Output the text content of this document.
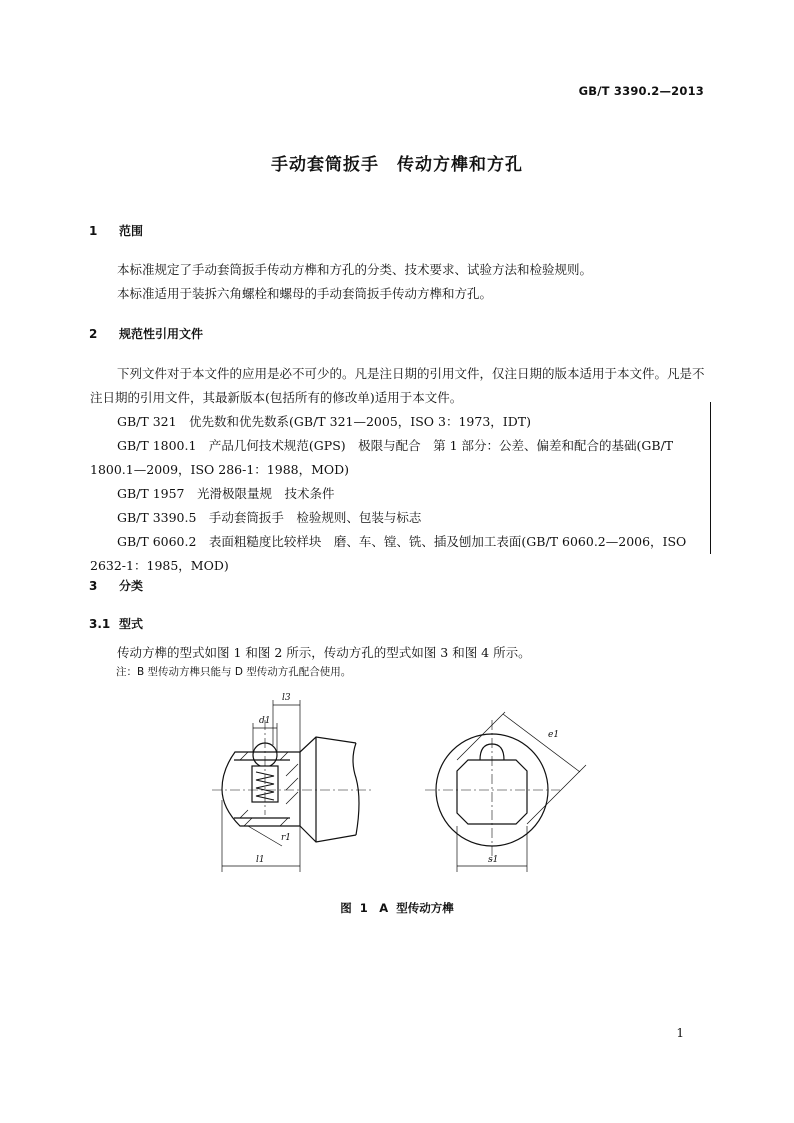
GB/T 3390.2—2013
手动套筒扳手　传动方榫和方孔
1 范围

本标准规定了手动套筒扳手传动方榫和方孔的分类、技术要求、试验方法和检验规则。

本标准适用于装拆六角螺栓和螺母的手动套筒扳手传动方榫和方孔。

2 规范性引用文件

下列文件对于本文件的应用是必不可少的。凡是注日期的引用文件，仅注日期的版本适用于本文件。凡是不注日期的引用文件，其最新版本(包括所有的修改单)适用于本文件。

GB/T 321　优先数和优先数系(GB/T 321—2005，ISO 3：1973，IDT)

GB/T 1800.1　产品几何技术规范(GPS)　极限与配合　第 1 部分：公差、偏差和配合的基础(GB/T 1800.1—2009，ISO 286-1：1988，MOD)

GB/T 1957　光滑极限量规　技术条件

GB/T 3390.5　手动套筒扳手　检验规则、包装与标志

GB/T 6060.2　表面粗糙度比较样块　磨、车、镗、铣、插及刨加工表面(GB/T 6060.2—2006，ISO 2632-1：1985，MOD)

3 分类
3.1 型式

传动方榫的型式如图 1 和图 2 所示，传动方孔的型式如图 3 和图 4 所示。

注：B 型传动方榫只能与 D 型传动方孔配合使用。
l3
d1
r1
l1
e1
s1
图 1　A 型传动方榫
1
